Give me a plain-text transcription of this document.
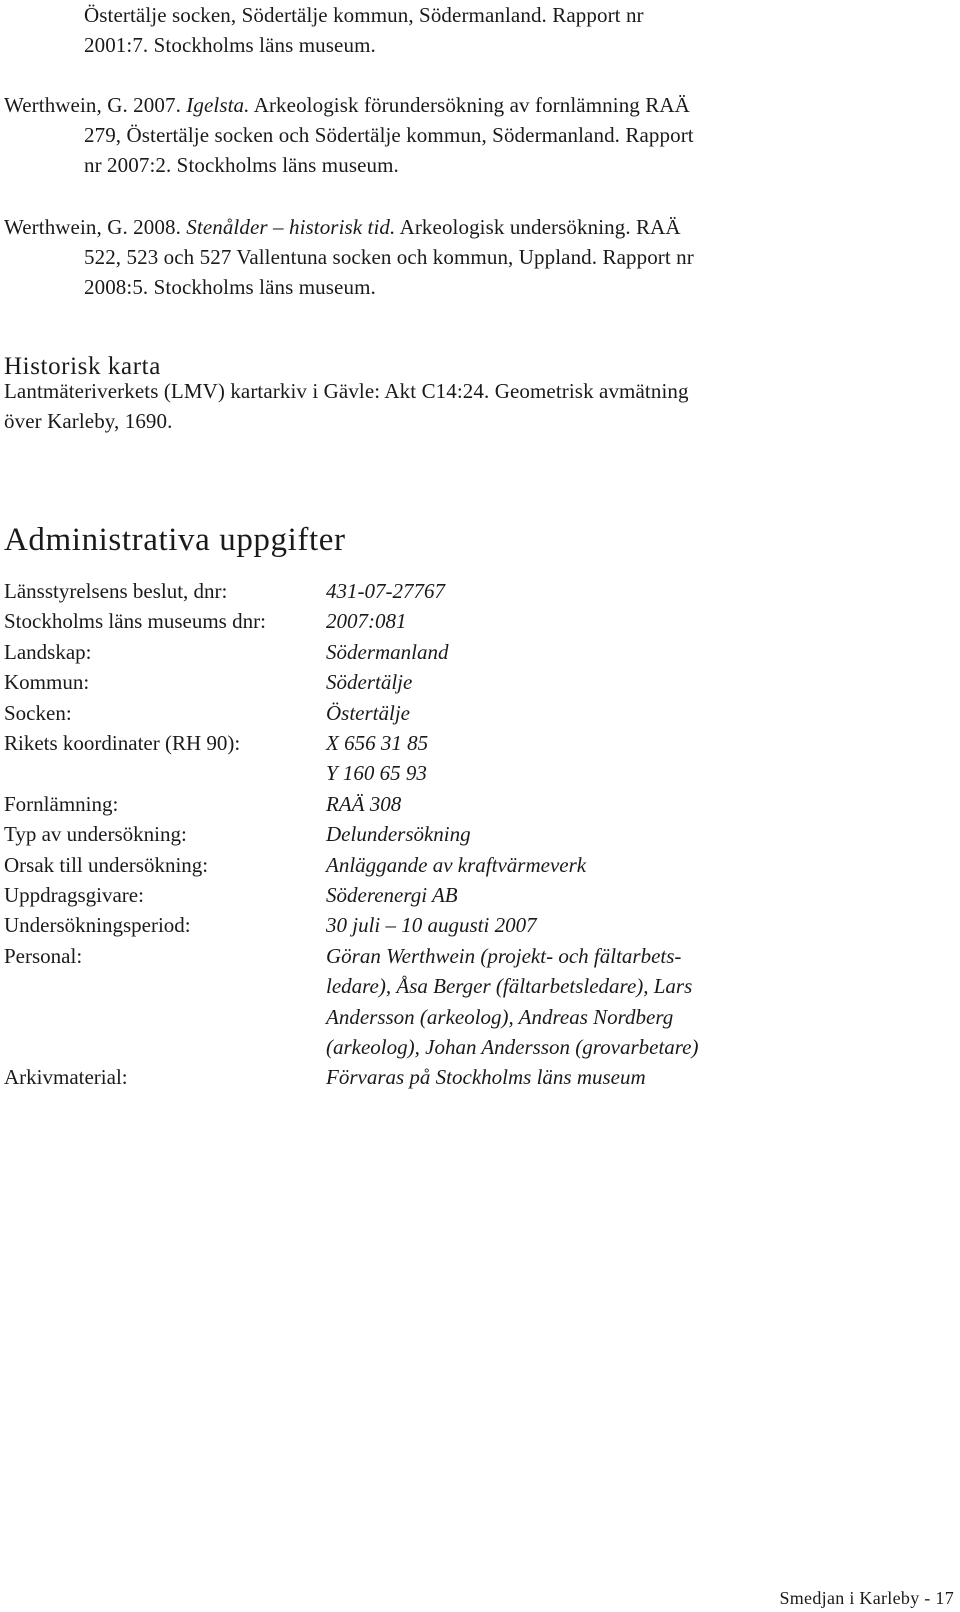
Östertälje socken, Södertälje kommun, Södermanland. Rapport nr
2001:7. Stockholms läns museum.
Werthwein, G. 2007. Igelsta. Arkeologisk förundersökning av fornlämning RAÄ
279, Östertälje socken och Södertälje kommun, Södermanland. Rapport
nr 2007:2. Stockholms läns museum.
Werthwein, G. 2008. Stenålder – historisk tid. Arkeologisk undersökning. RAÄ
522, 523 och 527 Vallentuna socken och kommun, Uppland. Rapport nr
2008:5. Stockholms läns museum.
Historisk karta
Lantmäteriverkets (LMV) kartarkiv i Gävle: Akt C14:24. Geometrisk avmätning
över Karleby, 1690.
Administrativa uppgifter
Länsstyrelsens beslut, dnr:	431-07-27767
Stockholms läns museums dnr:	2007:081
Landskap:	Södermanland
Kommun:	Södertälje
Socken:	Östertälje
Rikets koordinater (RH 90):	X 656 31 85
Y 160 65 93
Fornlämning:	RAÄ 308
Typ av undersökning:	Delundersökning
Orsak till undersökning:	Anläggande av kraftvärmeverk
Uppdragsgivare:	Söderenergi AB
Undersökningsperiod:	30 juli – 10 augusti 2007
Personal:	Göran Werthwein (projekt- och fältarbets-
ledare), Åsa Berger (fältarbetsledare), Lars
Andersson (arkeolog), Andreas Nordberg
(arkeolog), Johan Andersson (grovarbetare)
Arkivmaterial:	Förvaras på Stockholms läns museum
Smedjan i Karleby - 17
